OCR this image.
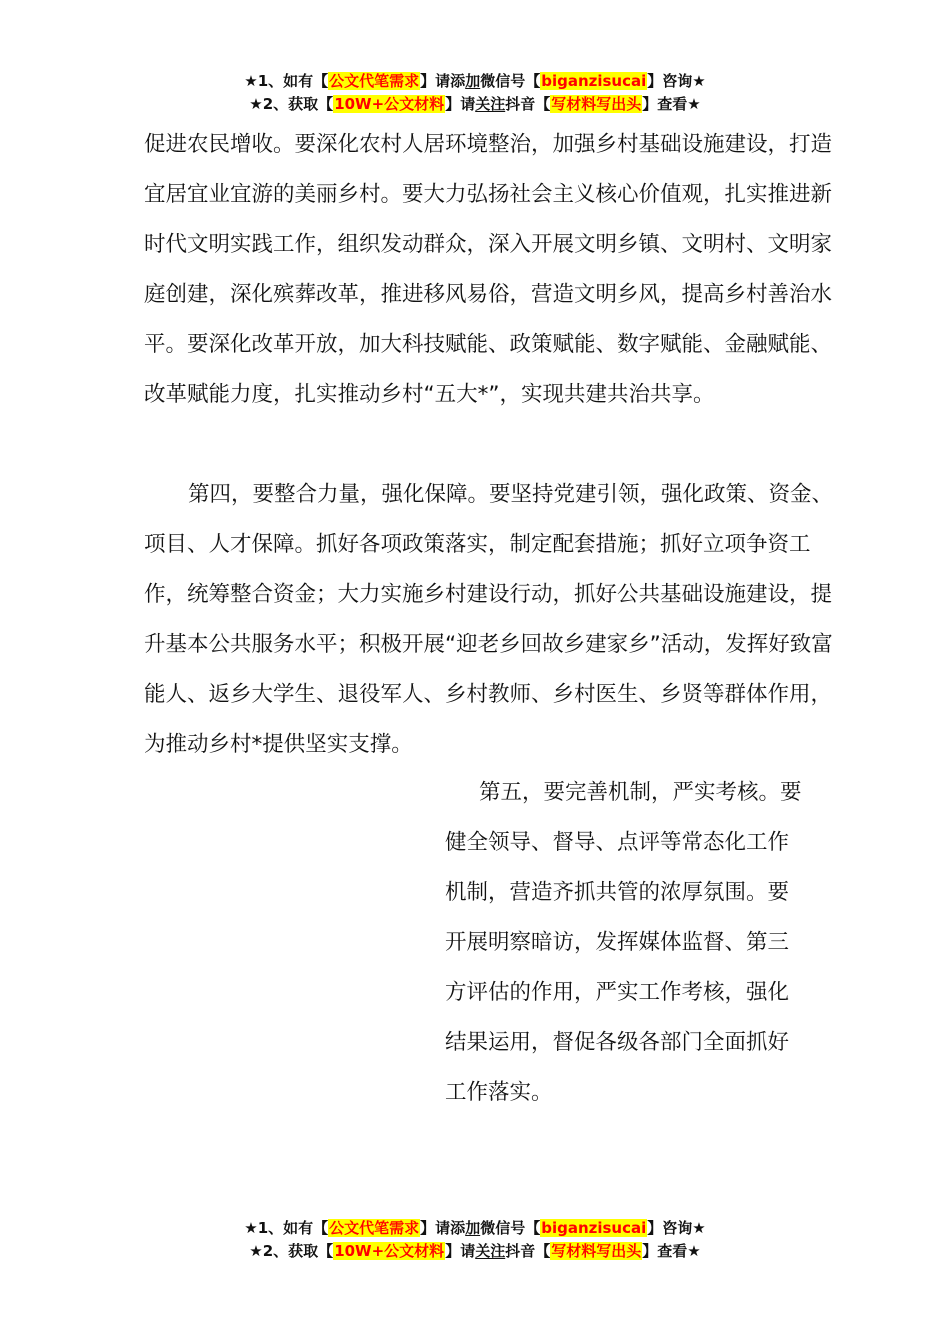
★1、如有【公文代笔需求】请添加微信号【biganzisucai】咨询★
★2、获取【10W+公文材料】请关注抖音【写材料写出头】查看★

促进农民增收。要深化农村人居环境整治，加强乡村基础设施建设，打造宜居宜业宜游的美丽乡村。要大力弘扬社会主义核心价值观，扎实推进新时代文明实践工作，组织发动群众，深入开展文明乡镇、文明村、文明家庭创建，深化殡葬改革，推进移风易俗，营造文明乡风，提高乡村善治水平。要深化改革开放，加大科技赋能、政策赋能、数字赋能、金融赋能、改革赋能力度，扎实推动乡村“五大*”，实现共建共治共享。

第四，要整合力量，强化保障。要坚持党建引领，强化政策、资金、项目、人才保障。抓好各项政策落实，制定配套措施；抓好立项争资工作，统筹整合资金；大力实施乡村建设行动，抓好公共基础设施建设，提升基本公共服务水平；积极开展“迎老乡回故乡建家乡”活动，发挥好致富能人、返乡大学生、退役军人、乡村教师、乡村医生、乡贤等群体作用，为推动乡村*提供坚实支撑。

第五，要完善机制，严实考核。要健全领导、督导、点评等常态化工作机制，营造齐抓共管的浓厚氛围。要开展明察暗访，发挥媒体监督、第三方评估的作用，严实工作考核，强化结果运用，督促各级各部门全面抓好工作落实。

★1、如有【公文代笔需求】请添加微信号【biganzisucai】咨询★
★2、获取【10W+公文材料】请关注抖音【写材料写出头】查看★
